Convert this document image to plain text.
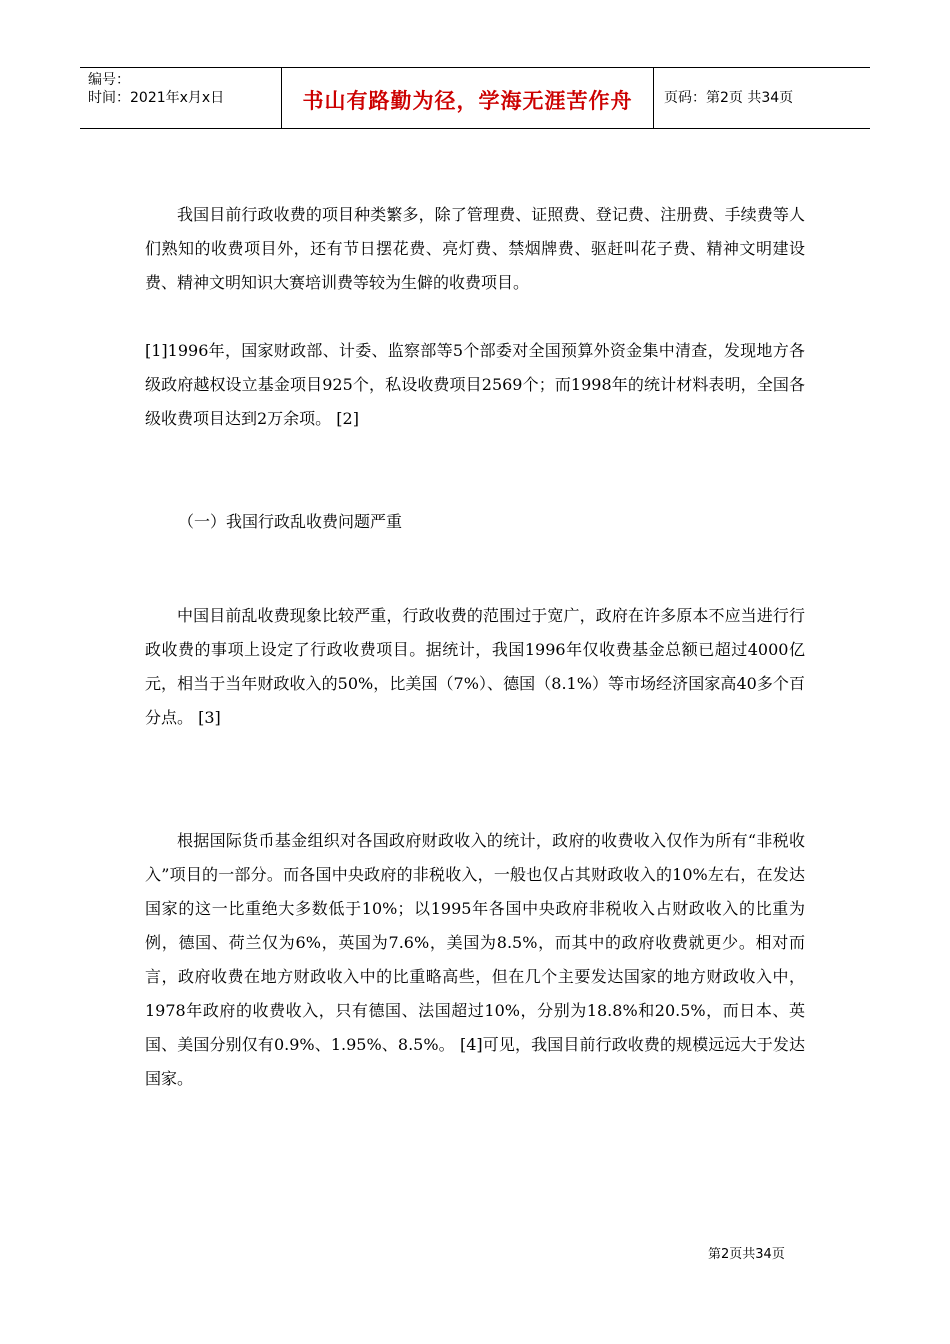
编号：
时间：2021年x月x日	书山有路勤为径，学海无涯苦作舟	页码：第2页 共34页

我国目前行政收费的项目种类繁多，除了管理费、证照费、登记费、注册费、手续费等人们熟知的收费项目外，还有节日摆花费、亮灯费、禁烟牌费、驱赶叫花子费、精神文明建设费、精神文明知识大赛培训费等较为生僻的收费项目。

[1]1996年，国家财政部、计委、监察部等5个部委对全国预算外资金集中清查，发现地方各级政府越权设立基金项目925个，私设收费项目2569个；而1998年的统计材料表明，全国各级收费项目达到2万余项。 [2]

（一）我国行政乱收费问题严重

中国目前乱收费现象比较严重，行政收费的范围过于宽广，政府在许多原本不应当进行行政收费的事项上设定了行政收费项目。据统计，我国1996年仅收费基金总额已超过4000亿元，相当于当年财政收入的50%，比美国（7%）、德国（8.1%）等市场经济国家高40多个百分点。 [3]

根据国际货币基金组织对各国政府财政收入的统计，政府的收费收入仅作为所有“非税收入”项目的一部分。而各国中央政府的非税收入，一般也仅占其财政收入的10%左右，在发达国家的这一比重绝大多数低于10%；以1995年各国中央政府非税收入占财政收入的比重为例，德国、荷兰仅为6%，英国为7.6%，美国为8.5%，而其中的政府收费就更少。相对而言，政府收费在地方财政收入中的比重略高些，但在几个主要发达国家的地方财政收入中，1978年政府的收费收入，只有德国、法国超过10%，分别为18.8%和20.5%，而日本、英国、美国分别仅有0.9%、1.95%、8.5%。 [4]可见，我国目前行政收费的规模远远大于发达国家。

第2页共34页
